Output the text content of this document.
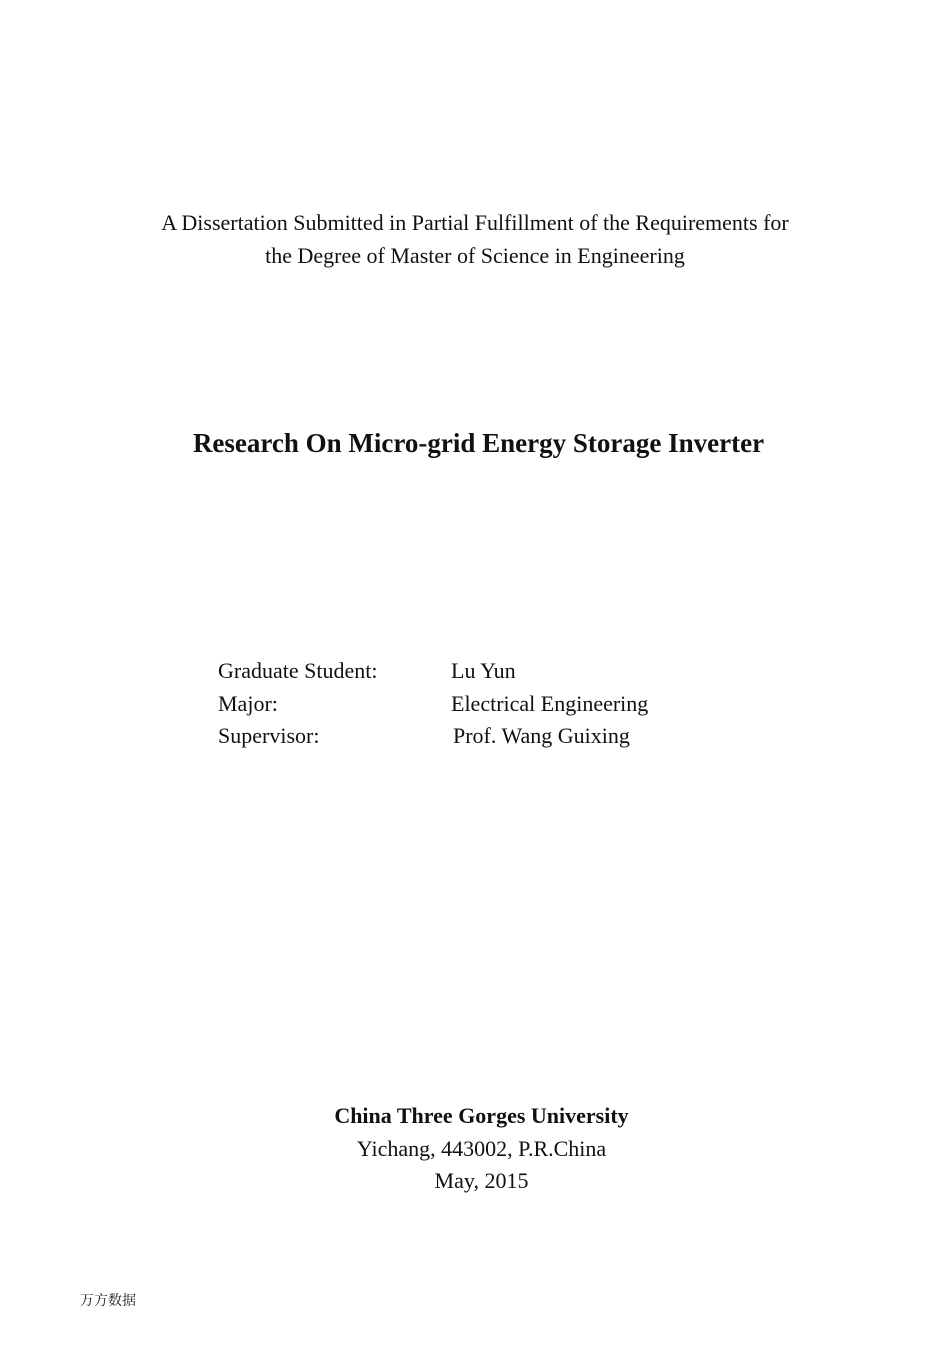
A Dissertation Submitted in Partial Fulfillment of the Requirements for
the Degree of Master of Science in Engineering
Research On Micro-grid Energy Storage Inverter
Graduate Student:	Lu Yun
Major:	Electrical Engineering
Supervisor:	Prof. Wang Guixing
China Three Gorges University
Yichang, 443002, P.R.China
May, 2015
万方数据
